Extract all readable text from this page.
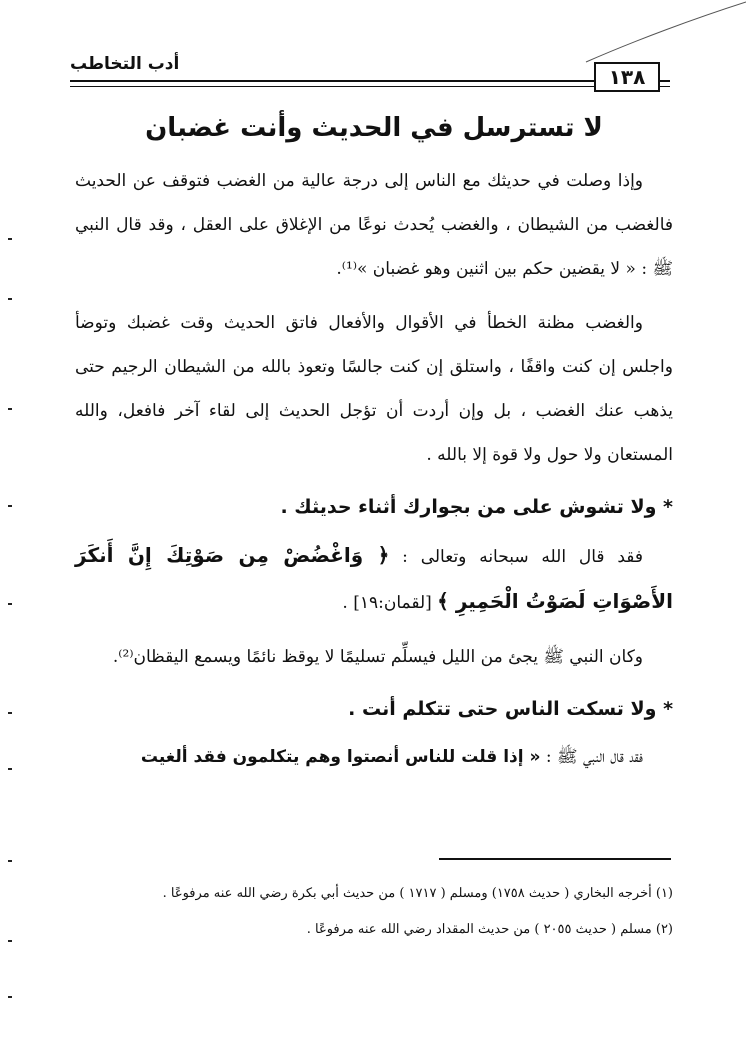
أدب التخاطب
١٣٨
لا تسترسل في الحديث وأنت غضبان

وإذا وصلت في حديثك مع الناس إلى درجة عالية من الغضب فتوقف عن الحديث فالغضب من الشيطان ، والغضب يُحدث نوعًا من الإغلاق على العقل ، وقد قال النبي ﷺ : « لا يقضين حكم بين اثنين وهو غضبان »⁽¹⁾.

والغضب مظنة الخطأ في الأقوال والأفعال فاتق الحديث وقت غضبك وتوضأ واجلس إن كنت واقفًا ، واستلق إن كنت جالسًا وتعوذ بالله من الشيطان الرجيم حتى يذهب عنك الغضب ، بل وإن أردت أن تؤجل الحديث إلى لقاء آخر فافعل، والله المستعان ولا حول ولا قوة إلا بالله .

* ولا تشوش على من بجوارك أثناء حديثك .

فقد قال الله سبحانه وتعالى : ﴿ وَاغْضُضْ مِن صَوْتِكَ إِنَّ أَنكَرَ الأَصْوَاتِ لَصَوْتُ الْحَمِيرِ ﴾ [لقمان:١٩] .

وكان النبي ﷺ يجئ من الليل فيسلِّم تسليمًا لا يوقظ نائمًا ويسمع اليقظان⁽²⁾.

* ولا تسكت الناس حتى تتكلم أنت .

فقد قال النبي ﷺ : « إذا قلت للناس أنصتوا وهم يتكلمون فقد ألغيت

(١) أخرجه البخاري ( حديث ١٧٥٨) ومسلم ( ١٧١٧ ) من حديث أبي بكرة رضي الله عنه مرفوعًا .

(٢) مسلم ( حديث ٢٠٥٥ ) من حديث المقداد رضي الله عنه مرفوعًا .
